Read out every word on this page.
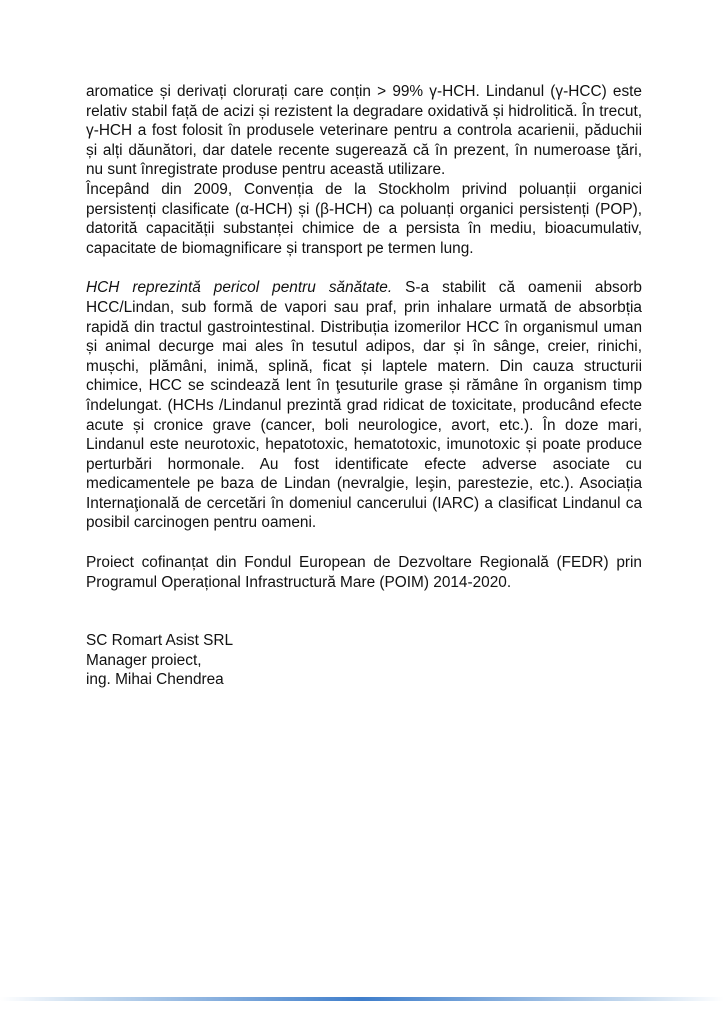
aromatice și derivați clorurați care conțin > 99% γ-HCH. Lindanul (γ-HCC) este relativ stabil față de acizi și rezistent la degradare oxidativă și hidrolitică. În trecut, γ-HCH a fost folosit în produsele veterinare pentru a controla acarienii, păduchii și alți dăunători, dar datele recente sugerează că în prezent, în numeroase ţări, nu sunt înregistrate produse pentru această utilizare.

Începând din 2009, Convenția de la Stockholm privind poluanții organici persistenți clasificate (α-HCH) și (β-HCH) ca poluanți organici persistenți (POP), datorită capacității substanței chimice de a persista în mediu, bioacumulativ, capacitate de biomagnificare și transport pe termen lung.

HCH reprezintă pericol pentru sănătate. S-a stabilit că oamenii absorb HCC/Lindan, sub formă de vapori sau praf, prin inhalare urmată de absorbția rapidă din tractul gastrointestinal. Distribuția izomerilor HCC în organismul uman și animal decurge mai ales în tesutul adipos, dar și în sânge, creier, rinichi, mușchi, plămâni, inimă, splină, ficat și laptele matern. Din cauza structurii chimice, HCC se scindează lent în ţesuturile grase și rămâne în organism timp îndelungat. (HCHs /Lindanul prezintă grad ridicat de toxicitate, producând efecte acute și cronice grave (cancer, boli neurologice, avort, etc.). În doze mari, Lindanul este neurotoxic, hepatotoxic, hematotoxic, imunotoxic și poate produce perturbări hormonale. Au fost identificate efecte adverse asociate cu medicamentele pe baza de Lindan (nevralgie, leşin, parestezie, etc.). Asociația Internaţională de cercetări în domeniul cancerului (IARC) a clasificat Lindanul ca posibil carcinogen pentru oameni.

Proiect cofinanțat din Fondul European de Dezvoltare Regională (FEDR) prin Programul Operațional Infrastructură Mare (POIM) 2014-2020.

SC Romart Asist SRL
Manager proiect,
ing. Mihai Chendrea
